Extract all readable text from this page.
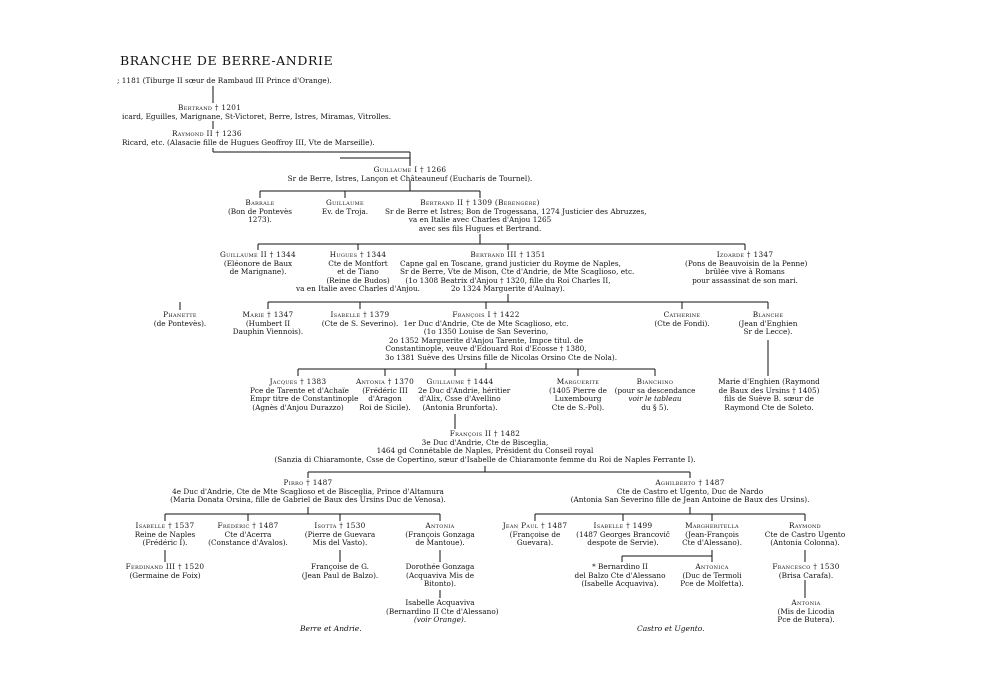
BRANCHE DE BERRE-ANDRIE
; 1181 (Tiburge II sœur de Rambaud III Prince d'Orange).
Bertrand † 1201
icard, Eguilles, Marignane, St-Victoret, Berre, Istres, Miramas, Vitrolles.
Raymond II † 1236
Ricard, etc. (Alasacie fille de Hugues Geoffroy III, Vte de Marseille).
Guillaume I † 1266
Sr de Berre, Istres, Lançon et Châteauneuf (Eucharis de Tournel).
Barrale
(Bon de Pontevès
1273).
Guillaume
Ev. de Troja.
Bertrand II † 1309 (Berengère)
Sr de Berre et Istres; Bon de Trogessana, 1274 Justicier des Abruzzes,
va en Italie avec Charles d'Anjou 1265
avec ses fils Hugues et Bertrand.
Guillaume II † 1344
(Eléonore de Baux
de Marignane).
Hugues † 1344
Cte de Montfort
et de Tiano
(Reine de Budos)
va en Italie avec Charles d'Anjou.
Bertrand III † 1351
Capne gal en Toscane, grand justicier du Royme de Naples,
Sr de Berre, Vte de Mison, Cte d'Andrie, de Mte Scaglioso, etc.
(1o 1308 Beatrix d'Anjou † 1320, fille du Roi Charles II,
2o 1324 Marguerite d'Aulnay).
Izoarde † 1347
(Pons de Beauvoisin de la Penne)
brûlée vive à Romans
pour assassinat de son mari.
Phanette
(de Pontevès).
Marie † 1347
(Humbert II
Dauphin Viennois).
Isabelle † 1379
(Cte de S. Severino).
François I † 1422
1er Duc d'Andrie, Cte de Mte Scaglioso, etc.
(1o 1350 Louise de San Severino,
2o 1352 Marguerite d'Anjou Tarente, Impce titul. de
Constantinople, veuve d'Edouard Roi d'Ecosse † 1380,
3o 1381 Suève des Ursins fille de Nicolas Orsino Cte de Nola).
Catherine
(Cte de Fondi).
Blanche
(Jean d'Enghien
Sr de Lecce).
Jacques † 1383
Pce de Tarente et d'Achaïe
Empr titre de Constantinople
(Agnès d'Anjou Durazzo)
Antonia † 1370
(Frédéric III
d'Aragon
Roi de Sicile).
Guillaume † 1444
2e Duc d'Andrie, héritier
d'Alix, Csse d'Avellino
(Antonia Brunforta).
Marguerite
(1405 Pierre de
Luxembourg
Cte de S.-Pol).
Bianchino
(pour sa descendance
voir le tableau
du § 5).
Marie d'Enghien (Raymond
de Baux des Ursins † 1405)
fils de Suève B. sœur de
Raymond Cte de Soleto.
François II † 1482
3e Duc d'Andrie, Cte de Bisceglia,
1464 gd Connétable de Naples, Président du Conseil royal
(Sanzia di Chiaramonte, Csse de Copertino, sœur d'Isabelle de Chiaramonte femme du Roi de Naples Ferrante I).
Pirro † 1487
4e Duc d'Andrie, Cte de Mte Scaglioso et de Bisceglia, Prince d'Altamura
(Maria Donata Orsina, fille de Gabriel de Baux des Ursins Duc de Venosa).
Aghilberto † 1487
Cte de Castro et Ugento, Duc de Nardo
(Antonia San Severino fille de Jean Antoine de Baux des Ursins).
Isabelle † 1537
Reine de Naples
(Frédéric I).
Frédéric † 1487
Cte d'Acerra
(Constance d'Avalos).
Isotta † 1530
(Pierre de Guevara
Mis del Vasto).
Antonia
(François Gonzaga
de Mantoue).
Jean Paul † 1487
(Françoise de
Guevara).
Isabelle † 1499
(1487 Georges Brancovič
despote de Servie).
Margheritella
(Jean-François
Cte d'Alessano).
Raymond
Cte de Castro Ugento
(Antonia Colonna).
Ferdinand III † 1520
(Germaine de Foix)
Françoise de G.
(Jean Paul de Balzo).
Dorothée Gonzaga
(Acquaviva Mis de
Bitonto).
Isabelle Acquaviva
(Bernardino II Cte d'Alessano)
(voir Orange).
* Bernardino II
del Balzo Cte d'Alessano
(Isabelle Acquaviva).
Antonica
(Duc de Termoli
Pce de Molfetta).
Francesco † 1530
(Brisa Carafa).
Antonia
(Mis de Licodia
Pce de Butera).
Berre et Andrie.	Castro et Ugento.
